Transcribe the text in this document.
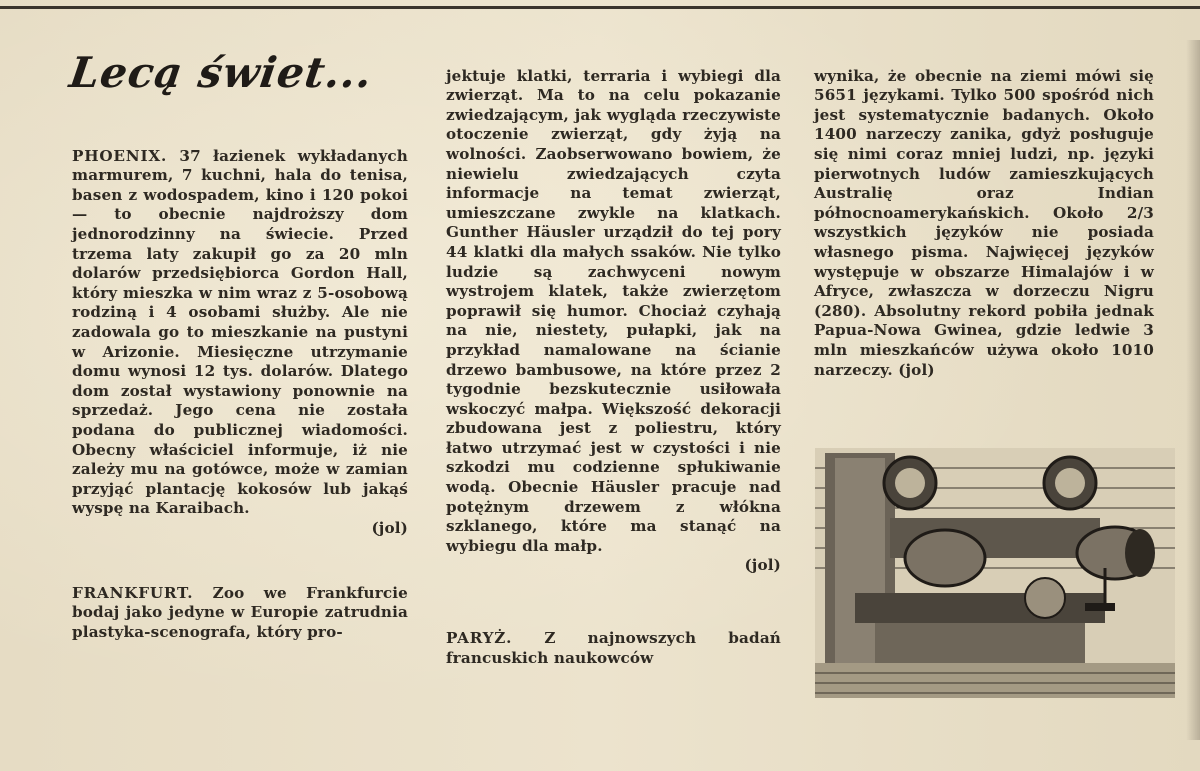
Lecą świet...

PHOENIX. 37 łazienek wykładanych marmurem, 7 kuchni, hala do tenisa, basen z wodospadem, kino i 120 pokoi — to obecnie najdroższy dom jednorodzinny na świecie. Przed trzema laty zakupił go za 20 mln dolarów przedsiębiorca Gordon Hall, który mieszka w nim wraz z 5-osobową rodziną i 4 osobami służby. Ale nie zadowala go to mieszkanie na pustyni w Arizonie. Miesięczne utrzymanie domu wynosi 12 tys. dolarów. Dlatego dom został wystawiony ponownie na sprzedaż. Jego cena nie została podana do publicznej wiadomości. Obecny właściciel informuje, iż nie zależy mu na gotówce, może w zamian przyjąć plantację kokosów lub jakąś wyspę na Karaibach.

(jol)

FRANKFURT. Zoo we Frankfurcie bodaj jako jedyne w Europie zatrudnia plastyka-scenografa, który pro-

jektuje klatki, terraria i wybiegi dla zwierząt. Ma to na celu pokazanie zwiedzającym, jak wygląda rzeczywiste otoczenie zwierząt, gdy żyją na wolności. Zaobserwowano bowiem, że niewielu zwiedzających czyta informacje na temat zwierząt, umieszczane zwykle na klatkach. Gunther Häusler urządził do tej pory 44 klatki dla małych ssaków. Nie tylko ludzie są zachwyceni nowym wystrojem klatek, także zwierzętom poprawił się humor. Chociaż czyhają na nie, niestety, pułapki, jak na przykład namalowane na ścianie drzewo bambusowe, na które przez 2 tygodnie bezskutecznie usiłowała wskoczyć małpa. Większość dekoracji zbudowana jest z poliestru, który łatwo utrzymać jest w czystości i nie szkodzi mu codzienne spłukiwanie wodą. Obecnie Häusler pracuje nad potężnym drzewem z włókna szklanego, które ma stanąć na wybiegu dla małp.

(jol)

PARYŻ. Z najnowszych badań francuskich naukowców

wynika, że obecnie na ziemi mówi się 5651 językami. Tylko 500 spośród nich jest systematycznie badanych. Około 1400 narzeczy zanika, gdyż posługuje się nimi coraz mniej ludzi, np. języki pierwotnych ludów zamieszkujących Australię oraz Indian północnoamerykańskich. Około 2/3 wszystkich języków nie posiada własnego pisma. Najwięcej języków występuje w obszarze Himalajów i w Afryce, zwłaszcza w dorzeczu Nigru (280). Absolutny rekord pobiła jednak Papua-Nowa Gwinea, gdzie ledwie 3 mln mieszkańców używa około 1010 narzeczy. (jol)
